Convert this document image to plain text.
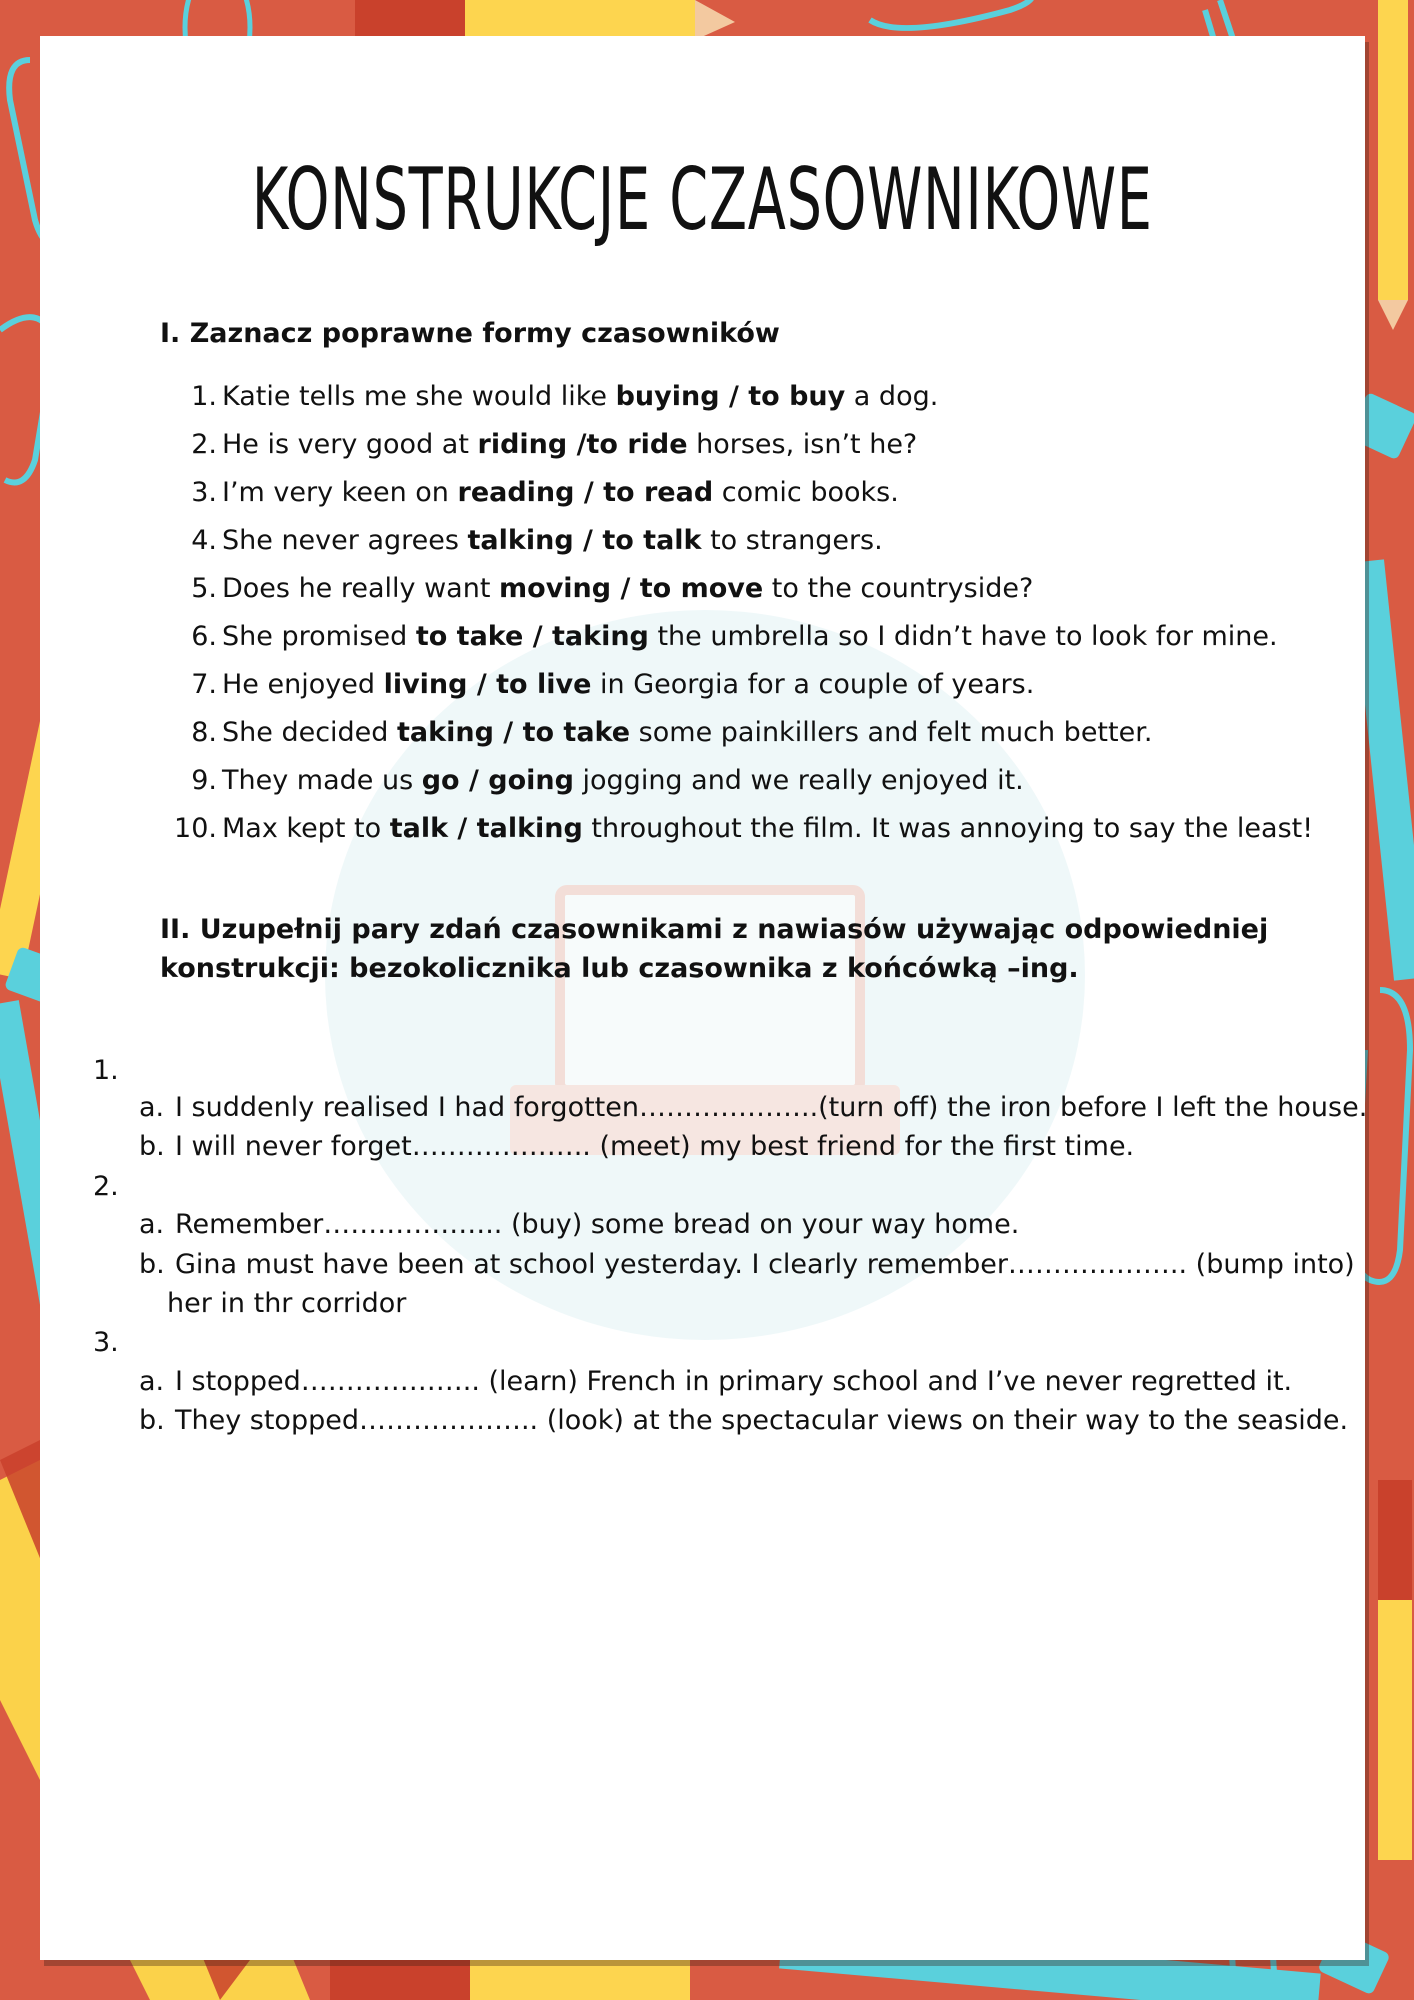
KONSTRUKCJE CZASOWNIKOWE
I. Zaznacz poprawne formy czasowników
1. Katie tells me she would like buying / to buy a dog.
2. He is very good at riding /to ride horses, isn’t he?
3. I’m very keen on reading / to read comic books.
4. She never agrees talking / to talk to strangers.
5. Does he really want moving / to move to the countryside?
6. She promised to take / taking the umbrella so I didn’t have to look for mine.
7. He enjoyed living / to live in Georgia for a couple of years.
8. She decided taking / to take some painkillers and felt much better.
9. They made us go / going jogging and we really enjoyed it.
10. Max kept to talk / talking throughout the film. It was annoying to say the least!
II. Uzupełnij pary zdań czasownikami z nawiasów używając odpowiedniej konstrukcji: bezokolicznika lub czasownika z końcówką –ing.
1.
a. I suddenly realised I had forgotten………………..(turn off) the iron before I left the house.
b. I will never forget……………….. (meet) my best friend for the first time.
2.
a. Remember……………….. (buy) some bread on your way home.
b. Gina must have been at school yesterday. I clearly remember……………….. (bump into)
her in thr corridor
3.
a. I stopped……………….. (learn) French in primary school and I’ve never regretted it.
b. They stopped……………….. (look) at the spectacular views on their way to the seaside.
